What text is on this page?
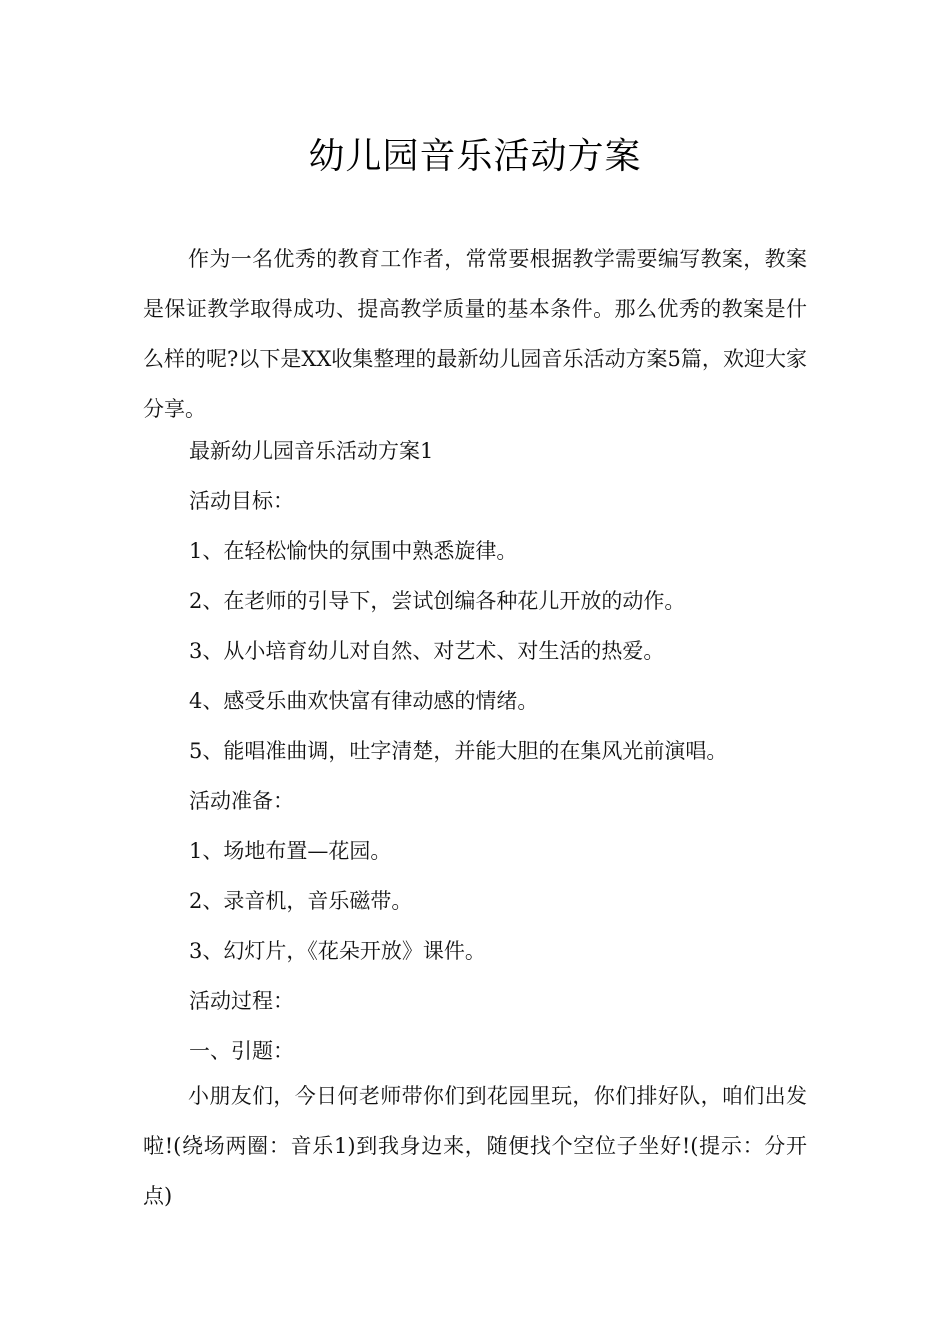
幼儿园音乐活动方案

作为一名优秀的教育工作者，常常要根据教学需要编写教案，教案是保证教学取得成功、提高教学质量的基本条件。那么优秀的教案是什么样的呢?以下是XX收集整理的最新幼儿园音乐活动方案5篇，欢迎大家分享。

最新幼儿园音乐活动方案1

活动目标：

1、在轻松愉快的氛围中熟悉旋律。

2、在老师的引导下，尝试创编各种花儿开放的动作。

3、从小培育幼儿对自然、对艺术、对生活的热爱。

4、感受乐曲欢快富有律动感的情绪。

5、能唱准曲调，吐字清楚，并能大胆的在集风光前演唱。

活动准备：

1、场地布置—花园。

2、录音机，音乐磁带。

3、幻灯片，《花朵开放》课件。

活动过程：

一、引题：

小朋友们，今日何老师带你们到花园里玩，你们排好队，咱们出发啦!(绕场两圈：音乐1)到我身边来，随便找个空位子坐好!(提示：分开点)
